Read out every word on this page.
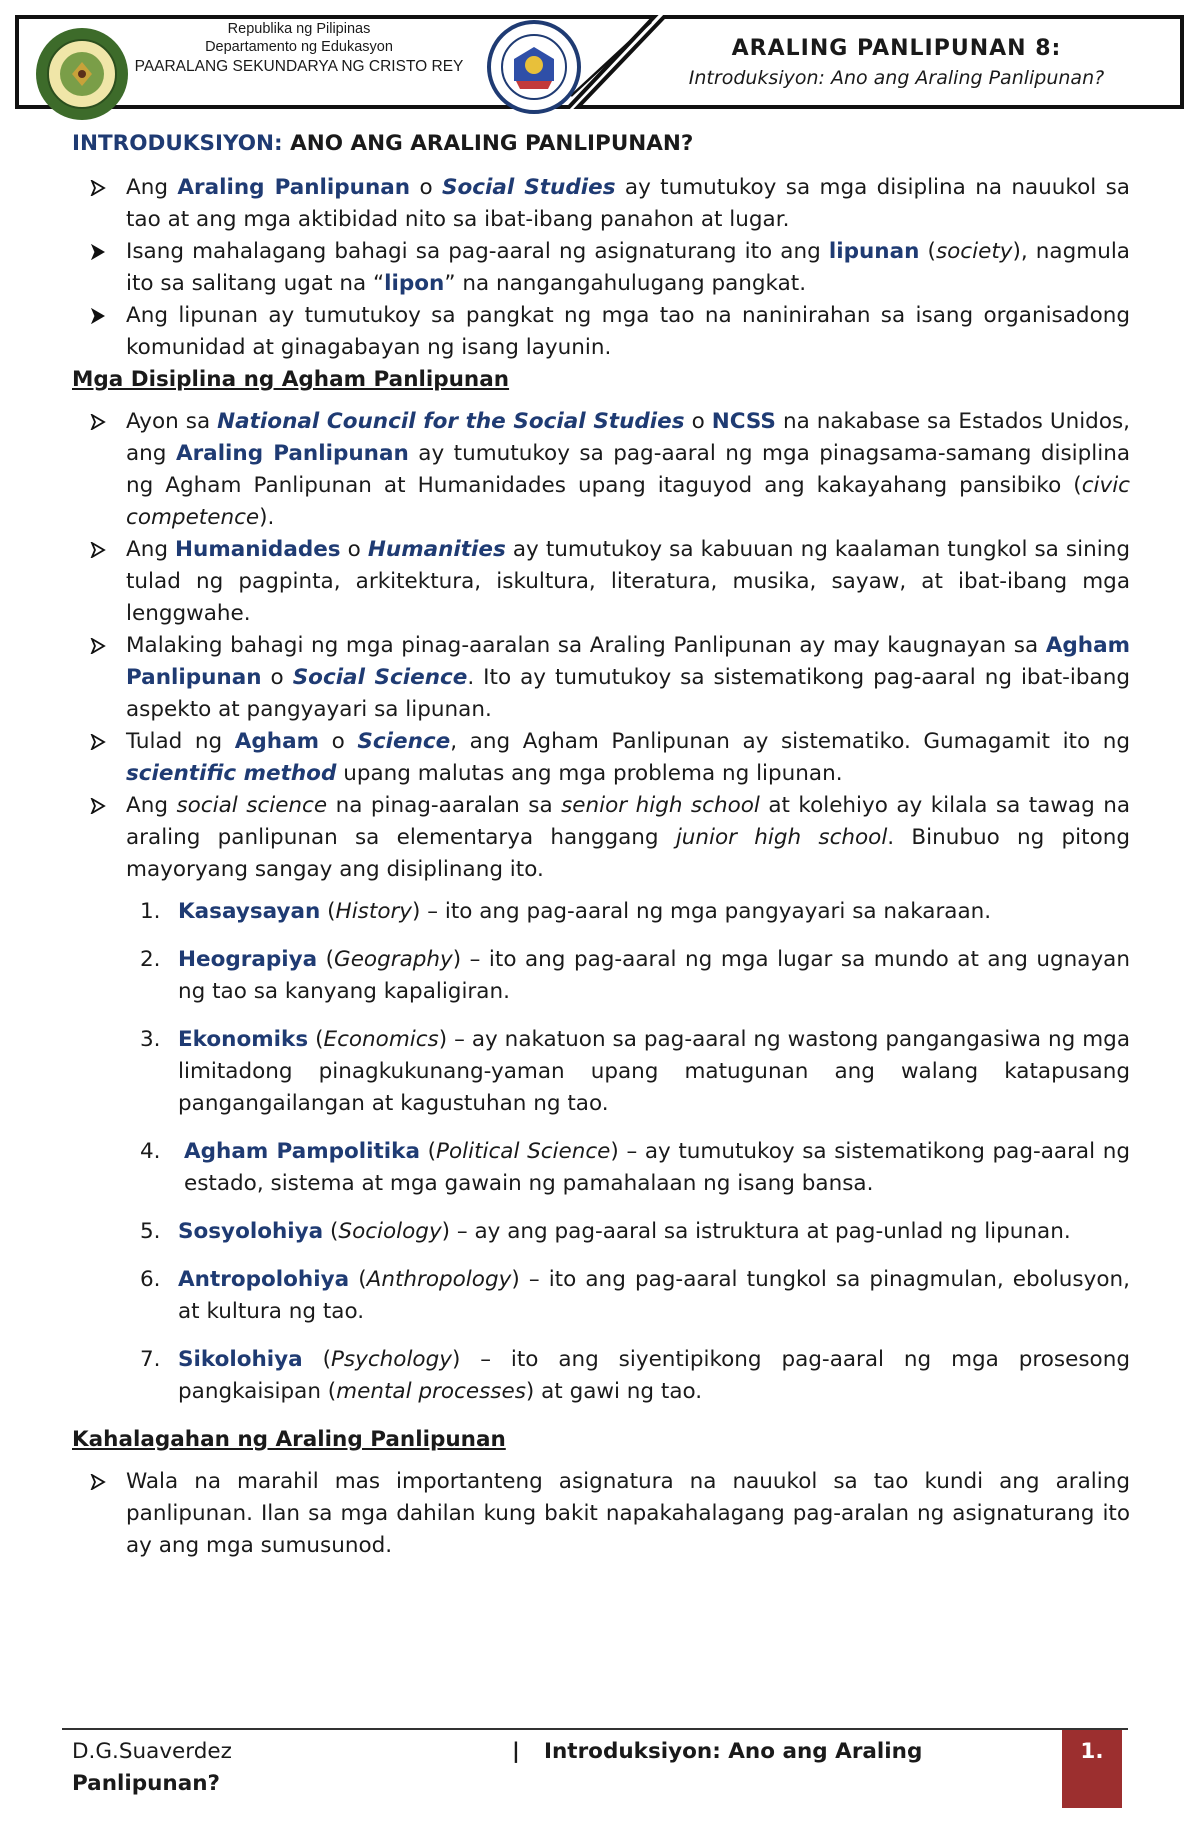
Republika ng Pilipinas
Departamento ng Edukasyon
PAARALANG SEKUNDARYA NG CRISTO REY
ARALING PANLIPUNAN 8:
Introduksiyon: Ano ang Araling Panlipunan?
INTRODUKSIYON: ANO ANG ARALING PANLIPUNAN?
Ang Araling Panlipunan o Social Studies ay tumutukoy sa mga disiplina na nauukol sa tao at ang mga aktibidad nito sa ibat-ibang panahon at lugar.
Isang mahalagang bahagi sa pag-aaral ng asignaturang ito ang lipunan (society), nagmula ito sa salitang ugat na “lipon” na nangangahulugang pangkat.
Ang lipunan ay tumutukoy sa pangkat ng mga tao na naninirahan sa isang organisadong komunidad at ginagabayan ng isang layunin.
Mga Disiplina ng Agham Panlipunan
Ayon sa National Council for the Social Studies o NCSS na nakabase sa Estados Unidos, ang Araling Panlipunan ay tumutukoy sa pag-aaral ng mga pinagsama-samang disiplina ng Agham Panlipunan at Humanidades upang itaguyod ang kakayahang pansibiko (civic competence).
Ang Humanidades o Humanities ay tumutukoy sa kabuuan ng kaalaman tungkol sa sining tulad ng pagpinta, arkitektura, iskultura, literatura, musika, sayaw, at ibat-ibang mga lenggwahe.
Malaking bahagi ng mga pinag-aaralan sa Araling Panlipunan ay may kaugnayan sa Agham Panlipunan o Social Science. Ito ay tumutukoy sa sistematikong pag-aaral ng ibat-ibang aspekto at pangyayari sa lipunan.
Tulad ng Agham o Science, ang Agham Panlipunan ay sistematiko. Gumagamit ito ng scientific method upang malutas ang mga problema ng lipunan.
Ang social science na pinag-aaralan sa senior high school at kolehiyo ay kilala sa tawag na araling panlipunan sa elementarya hanggang junior high school. Binubuo ng pitong mayoryang sangay ang disiplinang ito.
1. Kasaysayan (History) – ito ang pag-aaral ng mga pangyayari sa nakaraan.
2. Heograpiya (Geography) – ito ang pag-aaral ng mga lugar sa mundo at ang ugnayan ng tao sa kanyang kapaligiran.
3. Ekonomiks (Economics) – ay nakatuon sa pag-aaral ng wastong pangangasiwa ng mga limitadong pinagkukunang-yaman upang matugunan ang walang katapusang pangangailangan at kagustuhan ng tao.
4. Agham Pampolitika (Political Science) – ay tumutukoy sa sistematikong pag-aaral ng estado, sistema at mga gawain ng pamahalaan ng isang bansa.
5. Sosyolohiya (Sociology) – ay ang pag-aaral sa istruktura at pag-unlad ng lipunan.
6. Antropolohiya (Anthropology) – ito ang pag-aaral tungkol sa pinagmulan, ebolusyon, at kultura ng tao.
7. Sikolohiya (Psychology) – ito ang siyentipikong pag-aaral ng mga prosesong pangkaisipan (mental processes) at gawi ng tao.
Kahalagahan ng Araling Panlipunan
Wala na marahil mas importanteng asignatura na nauukol sa tao kundi ang araling panlipunan. Ilan sa mga dahilan kung bakit napakahalagang pag-aralan ng asignaturang ito ay ang mga sumusunod.
D.G.Suaverdez	| Introduksiyon: Ano ang Araling
Panlipunan?
1.
